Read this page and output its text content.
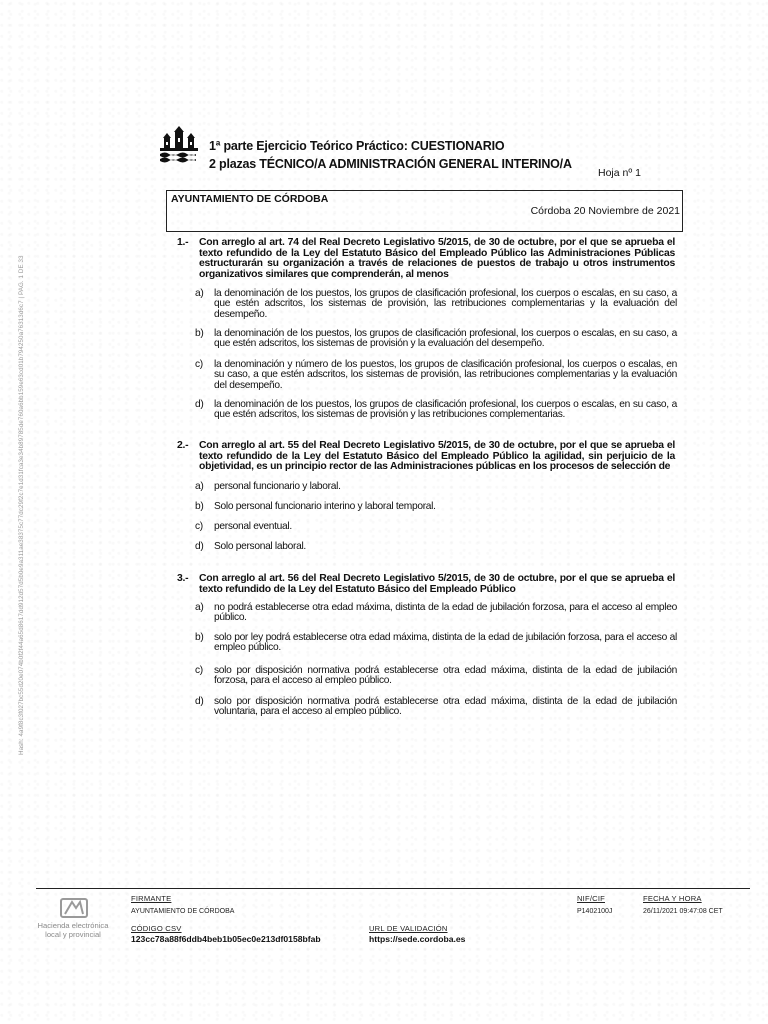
Hash: 4a9f8c3f027bc55d20e074b0f2f44a65d8617dd912d57d5b0e9a311ae38375c77dc29f2c7e1d31fca3e34b89785de760a6bb159e63cd01b794250a76313d6c7 | PAG. 1 DE 33
1ª parte Ejercicio Teórico Práctico: CUESTIONARIO
2 plazas TÉCNICO/A ADMINISTRACIÓN GENERAL INTERINO/A
Hoja nº 1
AYUNTAMIENTO DE CÓRDOBA
Córdoba 20 Noviembre de 2021
1.- Con arreglo al art. 74 del Real Decreto Legislativo 5/2015, de 30 de octubre, por el que se aprueba el texto refundido de la Ley del Estatuto Básico del Empleado Público las Administraciones Públicas estructurarán su organización a través de relaciones de puestos de trabajo u otros instrumentos organizativos similares que comprenderán, al menos
a) la denominación de los puestos, los grupos de clasificación profesional, los cuerpos o escalas, en su caso, a que estén adscritos, los sistemas de provisión, las retribuciones complementarias y la evaluación del desempeño.
b) la denominación de los puestos, los grupos de clasificación profesional, los cuerpos o escalas, en su caso, a que estén adscritos, los sistemas de provisión y la evaluación del desempeño.
c) la denominación y número de los puestos, los grupos de clasificación profesional, los cuerpos o escalas, en su caso, a que estén adscritos, los sistemas de provisión, las retribuciones complementarias y la evaluación del desempeño.
d) la denominación de los puestos, los grupos de clasificación profesional, los cuerpos o escalas, en su caso, a que estén adscritos, los sistemas de provisión y las retribuciones complementarias.
2.- Con arreglo al art. 55 del Real Decreto Legislativo 5/2015, de 30 de octubre, por el que se aprueba el texto refundido de la Ley del Estatuto Básico del Empleado Público la agilidad, sin perjuicio de la objetividad, es un principio rector de las Administraciones públicas en los procesos de selección de
a) personal funcionario y laboral.
b) Solo personal funcionario interino y laboral temporal.
c) personal eventual.
d) Solo personal laboral.
3.- Con arreglo al art. 56 del Real Decreto Legislativo 5/2015, de 30 de octubre, por el que se aprueba el texto refundido de la Ley del Estatuto Básico del Empleado Público
a) no podrá establecerse otra edad máxima, distinta de la edad de jubilación forzosa, para el acceso al empleo público.
b) solo por ley podrá establecerse otra edad máxima, distinta de la edad de jubilación forzosa, para el acceso al empleo público.
c) solo por disposición normativa podrá establecerse otra edad máxima, distinta de la edad de jubilación forzosa, para el acceso al empleo público.
d) solo por disposición normativa podrá establecerse otra edad máxima, distinta de la edad de jubilación voluntaria, para el acceso al empleo público.
Hacienda electrónica
local y provincial
FIRMANTE
AYUNTAMIENTO DE CÓRDOBA
NIF/CIF
P1402100J
FECHA Y HORA
26/11/2021 09:47:08 CET
CÓDIGO CSV
123cc78a88f6ddb4beb1b05ec0e213df0158bfab
URL DE VALIDACIÓN
https://sede.cordoba.es
